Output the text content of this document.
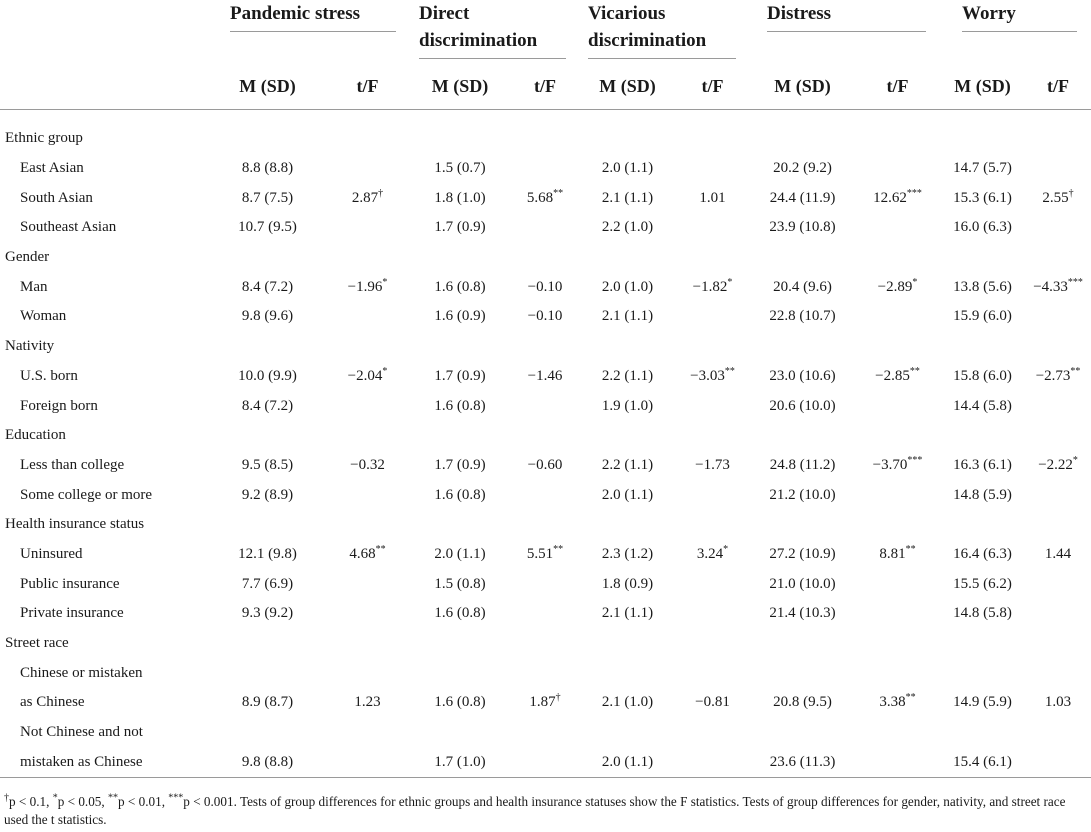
	Pandemic stress		Direct discrimination		Vicarious discrimination		Distress		Worry	

	M (SD)	t/F	M (SD)	t/F	M (SD)	t/F	M (SD)	t/F	M (SD)	t/F

Ethnic group										
East Asian	8.8 (8.8)		1.5 (0.7)		2.0 (1.1)		20.2 (9.2)		14.7 (5.7)	
South Asian	8.7 (7.5)	2.87†	1.8 (1.0)	5.68**	2.1 (1.1)	1.01	24.4 (11.9)	12.62***	15.3 (6.1)	2.55†
Southeast Asian	10.7 (9.5)		1.7 (0.9)		2.2 (1.0)		23.9 (10.8)		16.0 (6.3)	
Gender										
Man	8.4 (7.2)	−1.96*	1.6 (0.8)	−0.10	2.0 (1.0)	−1.82*	20.4 (9.6)	−2.89*	13.8 (5.6)	−4.33***
Woman	9.8 (9.6)		1.6 (0.9)	−0.10	2.1 (1.1)		22.8 (10.7)		15.9 (6.0)	
Nativity										
U.S. born	10.0 (9.9)	−2.04*	1.7 (0.9)	−1.46	2.2 (1.1)	−3.03**	23.0 (10.6)	−2.85**	15.8 (6.0)	−2.73**
Foreign born	8.4 (7.2)		1.6 (0.8)		1.9 (1.0)		20.6 (10.0)		14.4 (5.8)	
Education										
Less than college	9.5 (8.5)	−0.32	1.7 (0.9)	−0.60	2.2 (1.1)	−1.73	24.8 (11.2)	−3.70***	16.3 (6.1)	−2.22*
Some college or more	9.2 (8.9)		1.6 (0.8)		2.0 (1.1)		21.2 (10.0)		14.8 (5.9)	
Health insurance status										
Uninsured	12.1 (9.8)	4.68**	2.0 (1.1)	5.51**	2.3 (1.2)	3.24*	27.2 (10.9)	8.81**	16.4 (6.3)	1.44
Public insurance	7.7 (6.9)		1.5 (0.8)		1.8 (0.9)		21.0 (10.0)		15.5 (6.2)	
Private insurance	9.3 (9.2)		1.6 (0.8)		2.1 (1.1)		21.4 (10.3)		14.8 (5.8)	
Street race										
Chinese or mistaken										
as Chinese	8.9 (8.7)	1.23	1.6 (0.8)	1.87†	2.1 (1.0)	−0.81	20.8 (9.5)	3.38**	14.9 (5.9)	1.03
Not Chinese and not										
mistaken as Chinese	9.8 (8.8)		1.7 (1.0)		2.0 (1.1)		23.6 (11.3)		15.4 (6.1)	
†p < 0.1, *p < 0.05, **p < 0.01, ***p < 0.001. Tests of group differences for ethnic groups and health insurance statuses show the F statistics. Tests of group differences for gender, nativity, and street race used the t statistics.
